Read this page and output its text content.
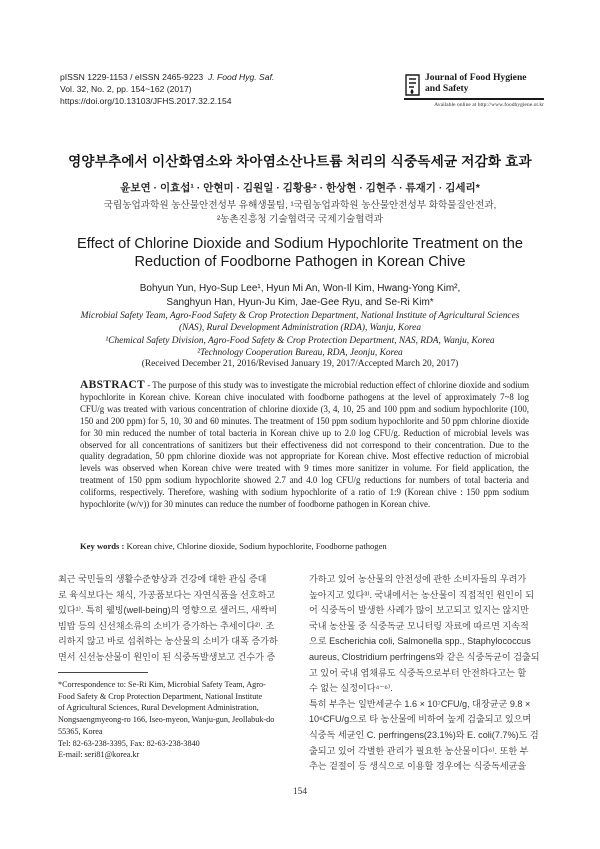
pISSN 1229-1153 / eISSN 2465-9223 J. Food Hyg. Saf.
Vol. 32, No. 2, pp. 154~162 (2017)
https://doi.org/10.13103/JFHS.2017.32.2.154
Journal of Food Hygiene
and Safety
Available online at http://www.foodhygiene.or.kr
영양부추에서 이산화염소와 차아염소산나트륨 처리의 식중독세균 저감화 효과
윤보연 · 이효섭¹ · 안현미 · 김원일 · 김황용² · 한상현 · 김현주 · 류재기 · 김세리*
국립농업과학원 농산물안전성부 유해생물팀, ¹국립농업과학원 농산물안전성부 화학물질안전과,
²농촌진흥청 기술협력국 국제기술협력과
Effect of Chlorine Dioxide and Sodium Hypochlorite Treatment on the
Reduction of Foodborne Pathogen in Korean Chive
Bohyun Yun, Hyo-Sup Lee¹, Hyun Mi An, Won-Il Kim, Hwang-Yong Kim²,
Sanghyun Han, Hyun-Ju Kim, Jae-Gee Ryu, and Se-Ri Kim*
Microbial Safety Team, Agro-Food Safety & Crop Protection Department, National Institute of Agricultural Sciences
(NAS), Rural Development Administration (RDA), Wanju, Korea
¹Chemical Safety Division, Agro-Food Safety & Crop Protection Department, NAS, RDA, Wanju, Korea
²Technology Cooperation Bureau, RDA, Jeonju, Korea
(Received December 21, 2016/Revised January 19, 2017/Accepted March 20, 2017)
ABSTRACT - The purpose of this study was to investigate the microbial reduction effect of chlorine dioxide and sodium hypochlorite in Korean chive. Korean chive inoculated with foodborne pathogens at the level of approximately 7~8 log CFU/g was treated with various concentration of chlorine dioxide (3, 4, 10, 25 and 100 ppm and sodium hypochlorite (100, 150 and 200 ppm) for 5, 10, 30 and 60 minutes. The treatment of 150 ppm sodium hypochlorite and 50 ppm chlorine dioxide for 30 min reduced the number of total bacteria in Korean chive up to 2.0 log CFU/g. Reduction of microbial levels was observed for all concentrations of sanitizers but their effectiveness did not correspond to their concentration. Due to the quality degradation, 50 ppm chlorine dioxide was not appropriate for Korean chive. Most effective reduction of microbial levels was observed when Korean chive were treated with 9 times more sanitizer in volume. For field application, the treatment of 150 ppm sodium hypochlorite showed 2.7 and 4.0 log CFU/g reductions for numbers of total bacteria and coliforms, respectively. Therefore, washing with sodium hypochlorite of a ratio of 1:9 (Korean chive : 150 ppm sodium hypochlorite (w/v)) for 30 minutes can reduce the number of foodborne pathogen in Korean chive.
Key words : Korean chive, Chlorine dioxide, Sodium hypochlorite, Foodborne pathogen
최근 국민들의 생활수준향상과 건강에 대한 관심 증대
로 육식보다는 채식, 가공품보다는 자연식품을 선호하고
있다¹⁾. 특히 웰빙(well-being)의 영향으로 샐러드, 새싹비
빔밥 등의 신선채소류의 소비가 증가하는 추세이다²⁾. 조
리하지 않고 바로 섭취하는 농산물의 소비가 대폭 증가하
면서 신선농산물이 원인이 된 식중독발생보고 건수가 증
*Correspondence to: Se-Ri Kim, Microbial Safety Team, Agro-
Food Safety & Crop Protection Department, National Institute
of Agricultural Sciences, Rural Development Administration,
Nongsaengmyeong-ro 166, Iseo-myeon, Wanju-gun, Jeollabuk-do
55365, Korea
Tel: 82-63-238-3395, Fax: 82-63-238-3840
E-mail: seri81@korea.kr
가하고 있어 농산물의 안전성에 관한 소비자들의 우려가
높아지고 있다³⁾. 국내에서는 농산물이 직접적인 원인이 되
어 식중독이 발생한 사례가 많이 보고되고 있지는 않지만
국내 농산물 중 식중독균 모니터링 자료에 따르면 지속적
으로 Escherichia coli, Salmonella spp., Staphylococcus
aureus, Clostridium perfringens와 같은 식중독균이 검출되
고 있어 국내 엽채류도 식중독으로부터 안전하다고는 할
수 없는 실정이다⁴⁻⁶⁾.
특히 부추는 일반세균수 1.6 × 10⁷CFU/g, 대장균군 9.8 ×
10⁶CFU/g으로 타 농산물에 비하여 높게 검출되고 있으며
식중독 세균인 C. perfringens(23.1%)와 E. coli(7.7%)도 검
출되고 있어 각별한 관리가 필요한 농산물이다⁶⁾. 또한 부
추는 겉절이 등 생식으로 이용할 경우에는 식중독세균을
154
